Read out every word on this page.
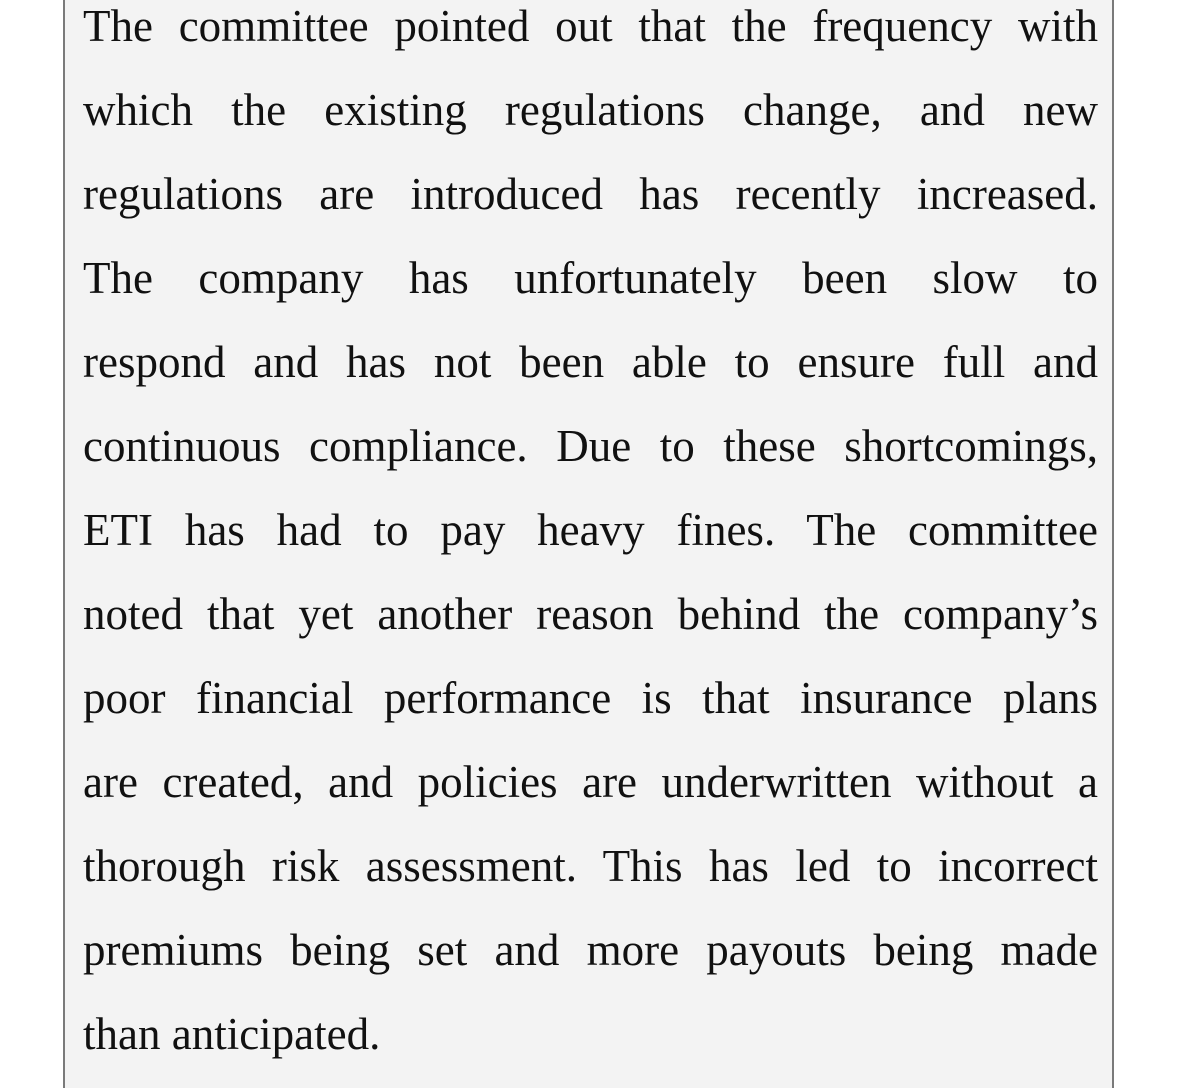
The committee pointed out that the frequency with
which the existing regulations change, and new
regulations are introduced has recently increased.
The company has unfortunately been slow to
respond and has not been able to ensure full and
continuous compliance. Due to these shortcomings,
ETI has had to pay heavy fines. The committee
noted that yet another reason behind the company’s
poor financial performance is that insurance plans
are created, and policies are underwritten without a
thorough risk assessment. This has led to incorrect
premiums being set and more payouts being made
than anticipated.
